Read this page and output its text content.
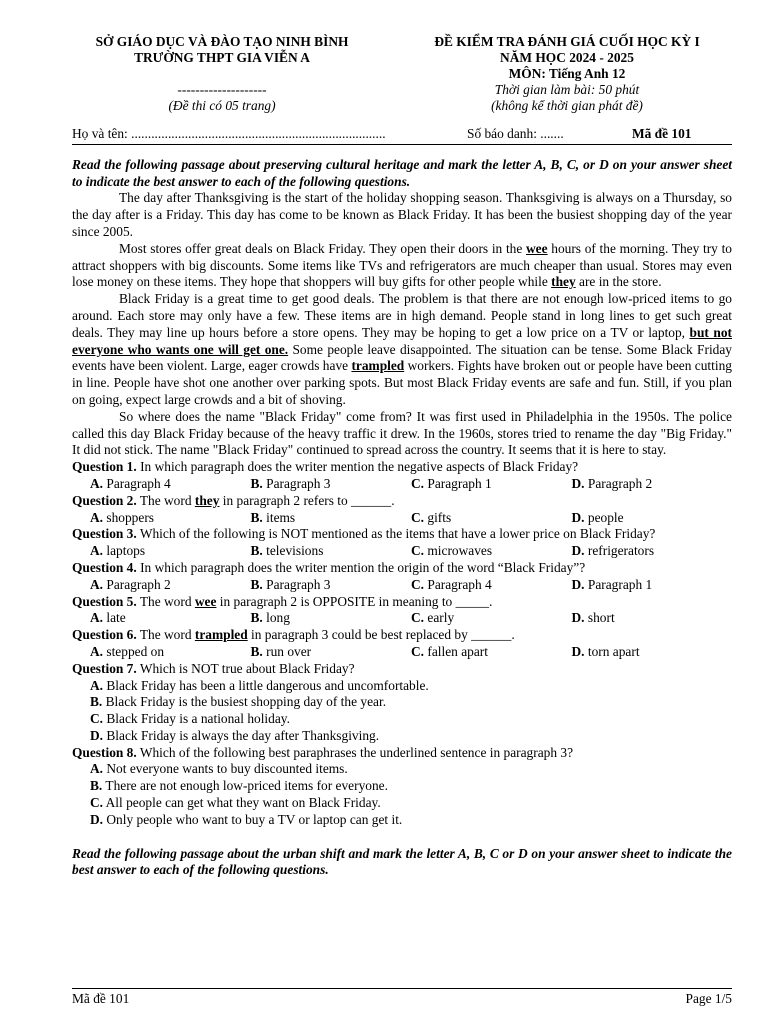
SỞ GIÁO DỤC VÀ ĐÀO TẠO NINH BÌNH
TRƯỜNG THPT GIA VIỄN A
--------------------
(Đề thi có 05 trang)
ĐỀ KIỂM TRA ĐÁNH GIÁ CUỐI HỌC KỲ I
NĂM HỌC 2024 - 2025
MÔN: Tiếng Anh 12
Thời gian làm bài: 50 phút
(không kể thời gian phát đề)
Họ và tên: ............................................................................	Số báo danh: .......	Mã đề 101
Read the following passage about preserving cultural heritage and mark the letter A, B, C, or D on your answer sheet to indicate the best answer to each of the following questions.
The day after Thanksgiving is the start of the holiday shopping season. Thanksgiving is always on a Thursday, so the day after is a Friday. This day has come to be known as Black Friday. It has been the busiest shopping day of the year since 2005.
Most stores offer great deals on Black Friday. They open their doors in the wee hours of the morning. They try to attract shoppers with big discounts. Some items like TVs and refrigerators are much cheaper than usual. Stores may even lose money on these items. They hope that shoppers will buy gifts for other people while they are in the store.
Black Friday is a great time to get good deals. The problem is that there are not enough low-priced items to go around. Each store may only have a few. These items are in high demand. People stand in long lines to get such great deals. They may line up hours before a store opens. They may be hoping to get a low price on a TV or laptop, but not everyone who wants one will get one. Some people leave disappointed. The situation can be tense. Some Black Friday events have been violent. Large, eager crowds have trampled workers. Fights have broken out or people have been cutting in line. People have shot one another over parking spots. But most Black Friday events are safe and fun. Still, if you plan on going, expect large crowds and a bit of shoving.
So where does the name "Black Friday" come from? It was first used in Philadelphia in the 1950s. The police called this day Black Friday because of the heavy traffic it drew. In the 1960s, stores tried to rename the day "Big Friday." It did not stick. The name "Black Friday" continued to spread across the country. It seems that it is here to stay.
Question 1. In which paragraph does the writer mention the negative aspects of Black Friday?
A. Paragraph 4	B. Paragraph 3	C. Paragraph 1	D. Paragraph 2
Question 2. The word they in paragraph 2 refers to ______.
A. shoppers	B. items	C. gifts	D. people
Question 3. Which of the following is NOT mentioned as the items that have a lower price on Black Friday?
A. laptops	B. televisions	C. microwaves	D. refrigerators
Question 4. In which paragraph does the writer mention the origin of the word “Black Friday”?
A. Paragraph 2	B. Paragraph 3	C. Paragraph 4	D. Paragraph 1
Question 5. The word wee in paragraph 2 is OPPOSITE in meaning to _____.
A. late	B. long	C. early	D. short
Question 6. The word trampled in paragraph 3 could be best replaced by ______.
A. stepped on	B. run over	C. fallen apart	D. torn apart
Question 7. Which is NOT true about Black Friday?
A. Black Friday has been a little dangerous and uncomfortable.
B. Black Friday is the busiest shopping day of the year.
C. Black Friday is a national holiday.
D. Black Friday is always the day after Thanksgiving.
Question 8. Which of the following best paraphrases the underlined sentence in paragraph 3?
A. Not everyone wants to buy discounted items.
B. There are not enough low-priced items for everyone.
C. All people can get what they want on Black Friday.
D. Only people who want to buy a TV or laptop can get it.
Read the following passage about the urban shift and mark the letter A, B, C or D on your answer sheet to indicate the best answer to each of the following questions.
Mã đề 101	Page 1/5
